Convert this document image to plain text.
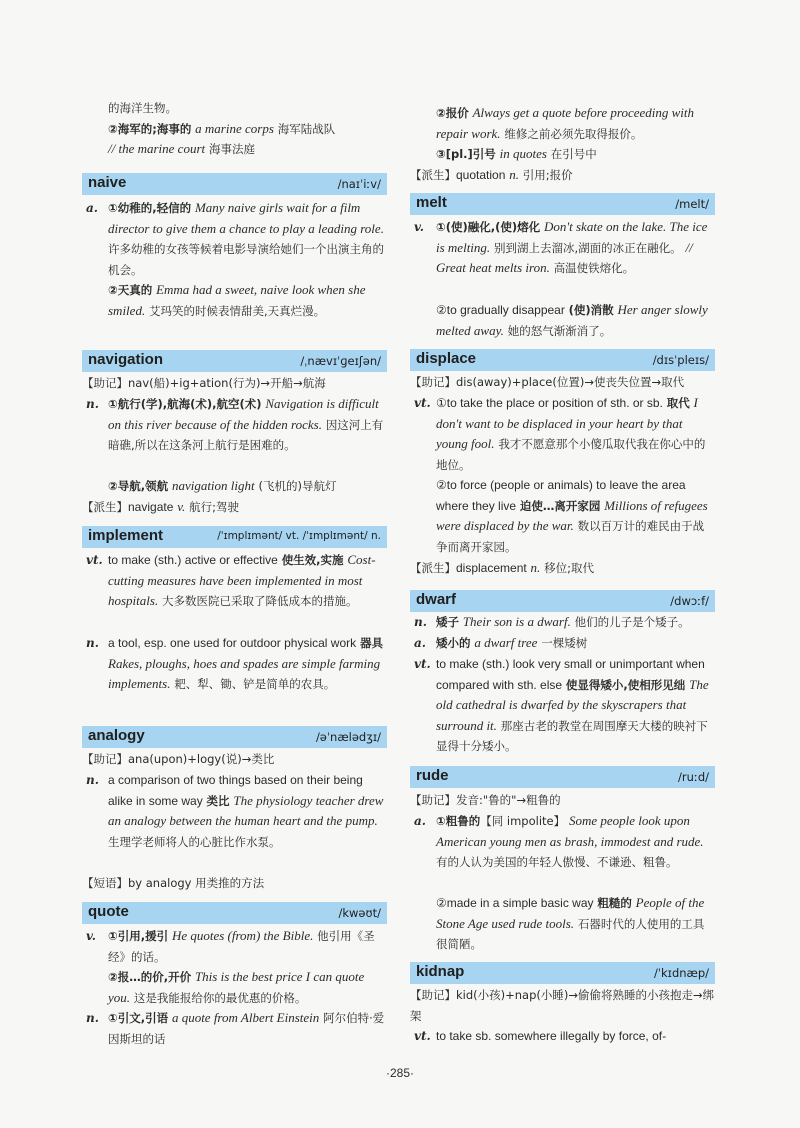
的海洋生物。
②海军的;海事的 a marine corps 海军陆战队
// the marine court 海事法庭
naive	/naɪˈiːv/
a. ①幼稚的,轻信的 Many naive girls wait for a film director to give them a chance to play a leading role. 许多幼稚的女孩等候着电影导演给她们一个出演主角的机会。
②天真的 Emma had a sweet, naive look when she smiled. 艾玛笑的时候表情甜美,天真烂漫。
navigation	/ˌnævɪˈɡeɪʃən/
【助记】nav(船)+ig+ation(行为)→开船→航海
n. ①航行(学),航海(术),航空(术) Navigation is difficult on this river because of the hidden rocks. 因这河上有暗礁,所以在这条河上航行是困难的。
②导航,领航 navigation light (飞机的)导航灯
【派生】navigate v. 航行;驾驶
implement	/ˈɪmplɪmənt/ vt. /ˈɪmplɪmənt/ n.
vt. to make (sth.) active or effective 使生效,实施 Cost-cutting measures have been implemented in most hospitals. 大多数医院已采取了降低成本的措施。
n. a tool, esp. one used for outdoor physical work 器具 Rakes, ploughs, hoes and spades are simple farming implements. 耙、犁、锄、铲是简单的农具。
analogy	/əˈnælədʒɪ/
【助记】ana(upon)+logy(说)→类比
n. a comparison of two things based on their being alike in some way 类比 The physiology teacher drew an analogy between the human heart and the pump. 生理学老师将人的心脏比作水泵。
【短语】by analogy 用类推的方法
quote	/kwəʊt/
v.	①引用,援引 He quotes (from) the Bible. 他引用《圣经》的话。
②报…的价,开价 This is the best price I can quote you. 这是我能报给你的最优惠的价格。
n. ①引文,引语 a quote from Albert Einstein 阿尔伯特·爱因斯坦的话
②报价 Always get a quote before proceeding with repair work. 维修之前必须先取得报价。
③[pl.]引号 in quotes 在引号中
【派生】quotation n. 引用;报价
melt	/melt/
v.	①(使)融化,(使)熔化 Don't skate on the lake. The ice is melting. 别到湖上去溜冰,湖面的冰正在融化。 // Great heat melts iron. 高温使铁熔化。
②to gradually disappear (使)消散 Her anger slowly melted away. 她的怒气渐渐消了。
displace	/dɪsˈpleɪs/
【助记】dis(away)+place(位置)→使丧失位置→取代
vt. ①to take the place or position of sth. or sb. 取代 I don't want to be displaced in your heart by that young fool. 我才不愿意那个小傻瓜取代我在你心中的地位。
②to force (people or animals) to leave the area where they live 迫使…离开家园 Millions of refugees were displaced by the war. 数以百万计的难民由于战争而离开家园。
【派生】displacement n. 移位;取代
dwarf	/dwɔːf/
n. 矮子 Their son is a dwarf. 他们的儿子是个矮子。
a. 矮小的 a dwarf tree 一棵矮树
vt. to make (sth.) look very small or unimportant when compared with sth. else 使显得矮小,使相形见绌 The old cathedral is dwarfed by the skyscrapers that surround it. 那座古老的教堂在周围摩天大楼的映衬下显得十分矮小。
rude	/ruːd/
【助记】发音:"鲁的"→粗鲁的
a. ①粗鲁的【同 impolite】 Some people look upon American young men as brash, immodest and rude. 有的人认为美国的年轻人傲慢、不谦逊、粗鲁。
②made in a simple basic way 粗糙的 People of the Stone Age used rude tools. 石器时代的人使用的工具很简陋。
kidnap	/ˈkɪdnæp/
【助记】kid(小孩)+nap(小睡)→偷偷将熟睡的小孩抱走→绑架
vt. to take sb. somewhere illegally by force, of-
·285·
